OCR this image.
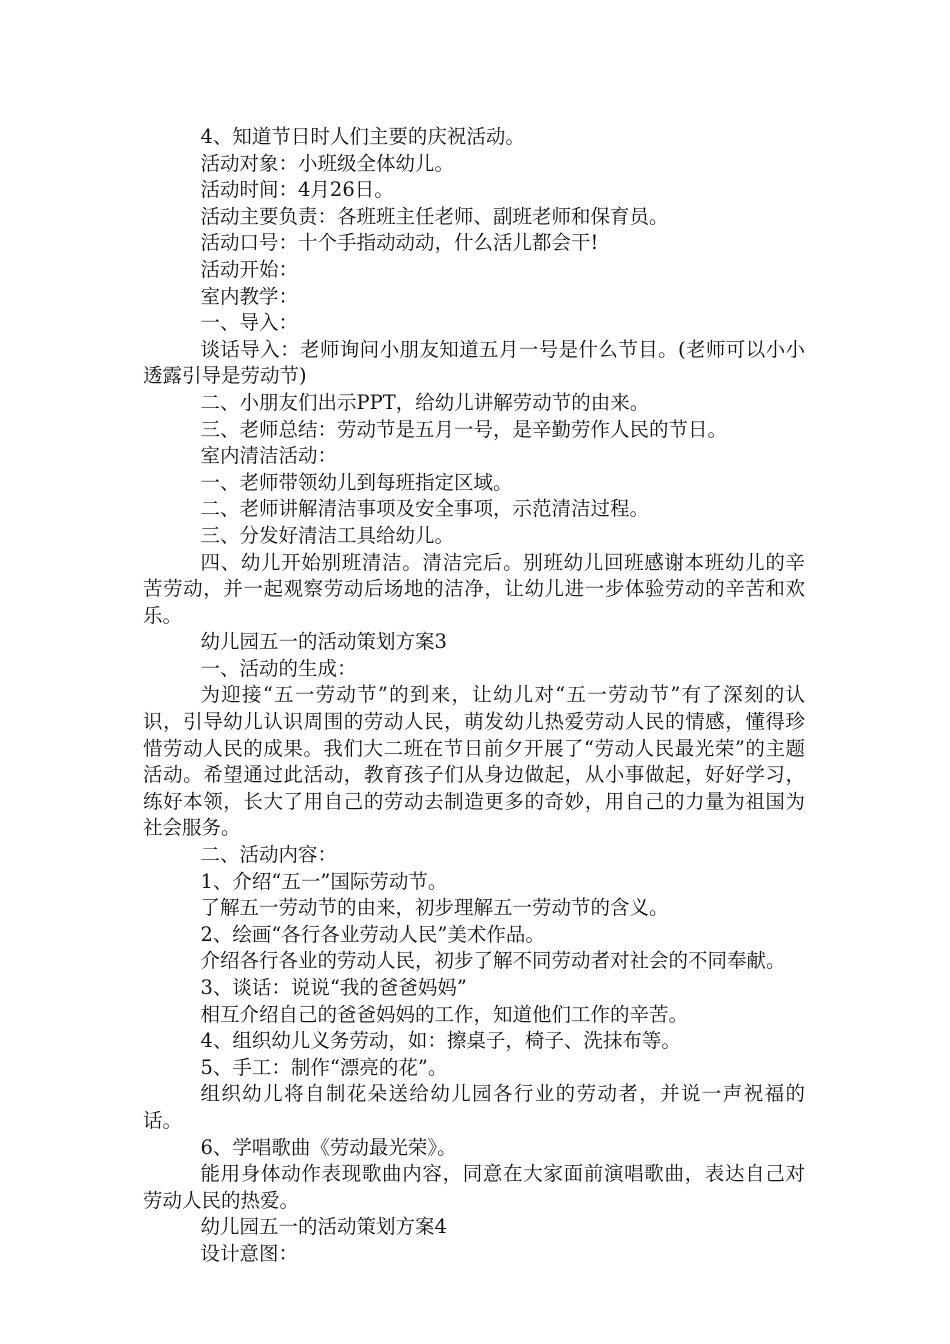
4、知道节日时人们主要的庆祝活动。

活动对象：小班级全体幼儿。

活动时间：4月26日。

活动主要负责：各班班主任老师、副班老师和保育员。

活动口号：十个手指动动动，什么活儿都会干!

活动开始：

室内教学：

一、导入：

谈话导入：老师询问小朋友知道五月一号是什么节目。(老师可以小小透露引导是劳动节)

二、小朋友们出示PPT，给幼儿讲解劳动节的由来。

三、老师总结：劳动节是五月一号，是辛勤劳作人民的节日。

室内清洁活动：

一、老师带领幼儿到每班指定区域。

二、老师讲解清洁事项及安全事项，示范清洁过程。

三、分发好清洁工具给幼儿。

四、幼儿开始别班清洁。清洁完后。别班幼儿回班感谢本班幼儿的辛苦劳动，并一起观察劳动后场地的洁净，让幼儿进一步体验劳动的辛苦和欢乐。

幼儿园五一的活动策划方案3

一、活动的生成：

为迎接“五一劳动节”的到来，让幼儿对“五一劳动节”有了深刻的认识，引导幼儿认识周围的劳动人民，萌发幼儿热爱劳动人民的情感，懂得珍惜劳动人民的成果。我们大二班在节日前夕开展了“劳动人民最光荣”的主题活动。希望通过此活动，教育孩子们从身边做起，从小事做起，好好学习，练好本领，长大了用自己的劳动去制造更多的奇妙，用自己的力量为祖国为社会服务。

二、活动内容：

1、介绍“五一”国际劳动节。

了解五一劳动节的由来，初步理解五一劳动节的含义。

2、绘画“各行各业劳动人民”美术作品。

介绍各行各业的劳动人民，初步了解不同劳动者对社会的不同奉献。

3、谈话：说说“我的爸爸妈妈”

相互介绍自己的爸爸妈妈的工作，知道他们工作的辛苦。

4、组织幼儿义务劳动，如：擦桌子，椅子、洗抹布等。

5、手工：制作“漂亮的花”。

组织幼儿将自制花朵送给幼儿园各行业的劳动者，并说一声祝福的话。

6、学唱歌曲《劳动最光荣》。

能用身体动作表现歌曲内容，同意在大家面前演唱歌曲，表达自己对劳动人民的热爱。

幼儿园五一的活动策划方案4

设计意图：
